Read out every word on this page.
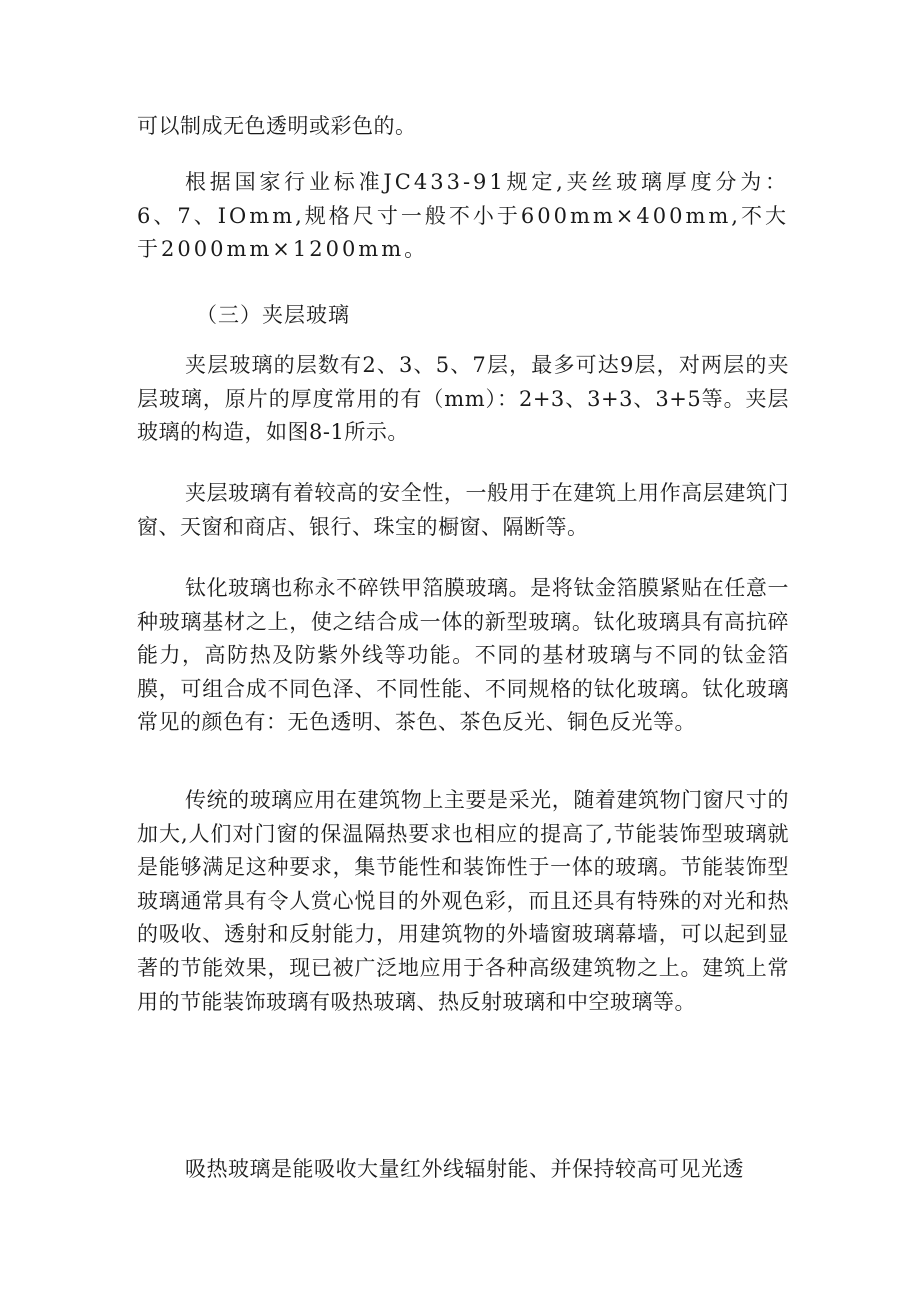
可以制成无色透明或彩色的。

根据国家行业标准JC433-91规定,夹丝玻璃厚度分为：6、7、IOmm,规格尺寸一般不小于600mm×400mm,不大于2000mm×1200mm。

（三）夹层玻璃

夹层玻璃的层数有2、3、5、7层，最多可达9层，对两层的夹层玻璃，原片的厚度常用的有（mm）：2+3、3+3、3+5等。夹层玻璃的构造，如图8-1所示。

夹层玻璃有着较高的安全性，一般用于在建筑上用作高层建筑门窗、天窗和商店、银行、珠宝的橱窗、隔断等。

钛化玻璃也称永不碎铁甲箔膜玻璃。是将钛金箔膜紧贴在任意一种玻璃基材之上，使之结合成一体的新型玻璃。钛化玻璃具有高抗碎能力，高防热及防紫外线等功能。不同的基材玻璃与不同的钛金箔膜，可组合成不同色泽、不同性能、不同规格的钛化玻璃。钛化玻璃常见的颜色有：无色透明、茶色、茶色反光、铜色反光等。

传统的玻璃应用在建筑物上主要是采光，随着建筑物门窗尺寸的加大,人们对门窗的保温隔热要求也相应的提高了,节能装饰型玻璃就是能够满足这种要求，集节能性和装饰性于一体的玻璃。节能装饰型玻璃通常具有令人赏心悦目的外观色彩，而且还具有特殊的对光和热的吸收、透射和反射能力，用建筑物的外墙窗玻璃幕墙，可以起到显著的节能效果，现已被广泛地应用于各种高级建筑物之上。建筑上常用的节能装饰玻璃有吸热玻璃、热反射玻璃和中空玻璃等。

吸热玻璃是能吸收大量红外线辐射能、并保持较高可见光透
